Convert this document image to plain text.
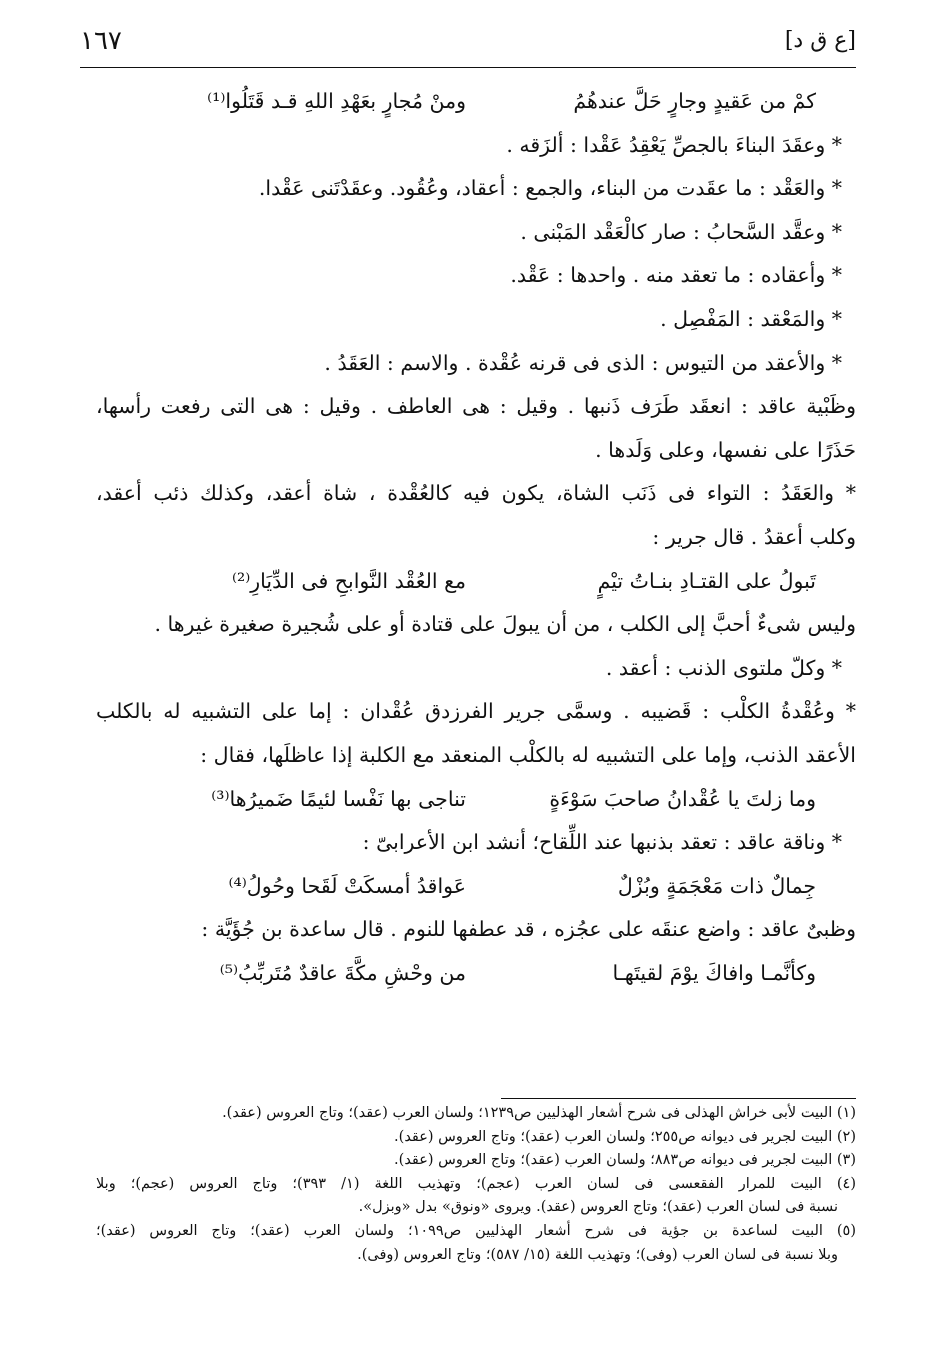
١٦٧	[ع ق د]
كمْ من عَقيدٍ وجارٍ حَلَّ عندهُمُ
ومنْ مُجارٍ بعَهْدِ اللهِ قـد قَتَلُوا⁽¹⁾
* وعقَدَ البناءَ بالجصِّ يَعْقِدُ عَقْدا : ألزَقه .
* والعَقْد : ما عقَدت من البناء، والجمع : أعقاد، وعُقُود. وعقَدْتَنى عَقْدا.
* وعقَّد السَّحابُ : صار كالْعَقْد المَبْنى .
* وأعقاده : ما تعقد منه . واحدها : عَقْد.
* والمَعْقد : المَفْصِل .
* والأعقد من التيوس : الذى فى قرنه عُقْدة . والاسم : العَقَدُ .
وظَبْية عاقد : انعقَد طَرَف ذَنبها . وقيل : هى العاطف . وقيل : هى التى رفعت رأسها،
حَذَرًا على نفسها، وعلى وَلَدها .
* والعَقَدُ : التواء فى ذَنَب الشاة، يكون فيه كالعُقْدة ، شاة أعقد، وكذلك ذئب أعقد،
وكلب أعقدُ . قال جرير :
تَبولُ على القتـادِ بنـاتُ تيْمٍ
مع العُقْد النَّوابحِ فى الدِّيَارِ⁽²⁾
وليس شىءٌ أحبَّ إلى الكلب ، من أن يبولَ على قتادة أو على شُجيرة صغيرة غيرها .
* وكلّ ملتوى الذنب : أعقد .
* وعُقْدةُ الكلْب : قَضيبه . وسمَّى جرير الفرزدق عُقْدان : إما على التشبيه له بالكلب
الأعقد الذنب، وإما على التشبيه له بالكلْب المنعقد مع الكلبة إذا عاظلَها، فقال :
وما زلتَ يا عُقْدانُ صاحبَ سَوْءَةٍ
تناجى بها نَفْسا لئيمًا ضَميرُها⁽³⁾
* وناقة عاقد : تعقد بذنبها عند اللِّقاح؛ أنشد ابن الأعرابىّ :
جِمالٌ ذات مَعْجَمَةٍ وبُزْلٌ
عَواقدُ أمسكَتْ لَقَحا وحُولُ⁽⁴⁾
وظبىٌ عاقد : واضع عنقَه على عجُزه ، قد عطفها للنوم . قال ساعدة بن جُؤَيَّة :
وكأنَّمـا وافاكَ يوْمَ لقيتَهـا
من وحْشِ مكَّةَ عاقدٌ مُتَربِّبُ⁽⁵⁾
(١) البيت لأبى خراش الهذلى فى شرح أشعار الهذليين ص١٢٣٩؛ ولسان العرب (عقد)؛ وتاج العروس (عقد).
(٢) البيت لجرير فى ديوانه ص٢٥٥؛ ولسان العرب (عقد)؛ وتاج العروس (عقد).
(٣) البيت لجرير فى ديوانه ص٨٨٣؛ ولسان العرب (عقد)؛ وتاج العروس (عقد).
(٤) البيت للمرار الفقعسى فى لسان العرب (عجم)؛ وتهذيب اللغة (١/ ٣٩٣)؛ وتاج العروس (عجم)؛ وبلا
نسبة فى لسان العرب (عقد)؛ وتاج العروس (عقد). ويروى «ونوق» بدل «وبزل».
(٥) البيت لساعدة بن جؤية فى شرح أشعار الهذليين ص١٠٩٩؛ ولسان العرب (عقد)؛ وتاج العروس (عقد)؛
وبلا نسبة فى لسان العرب (وفى)؛ وتهذيب اللغة (١٥/ ٥٨٧)؛ وتاج العروس (وفى).
